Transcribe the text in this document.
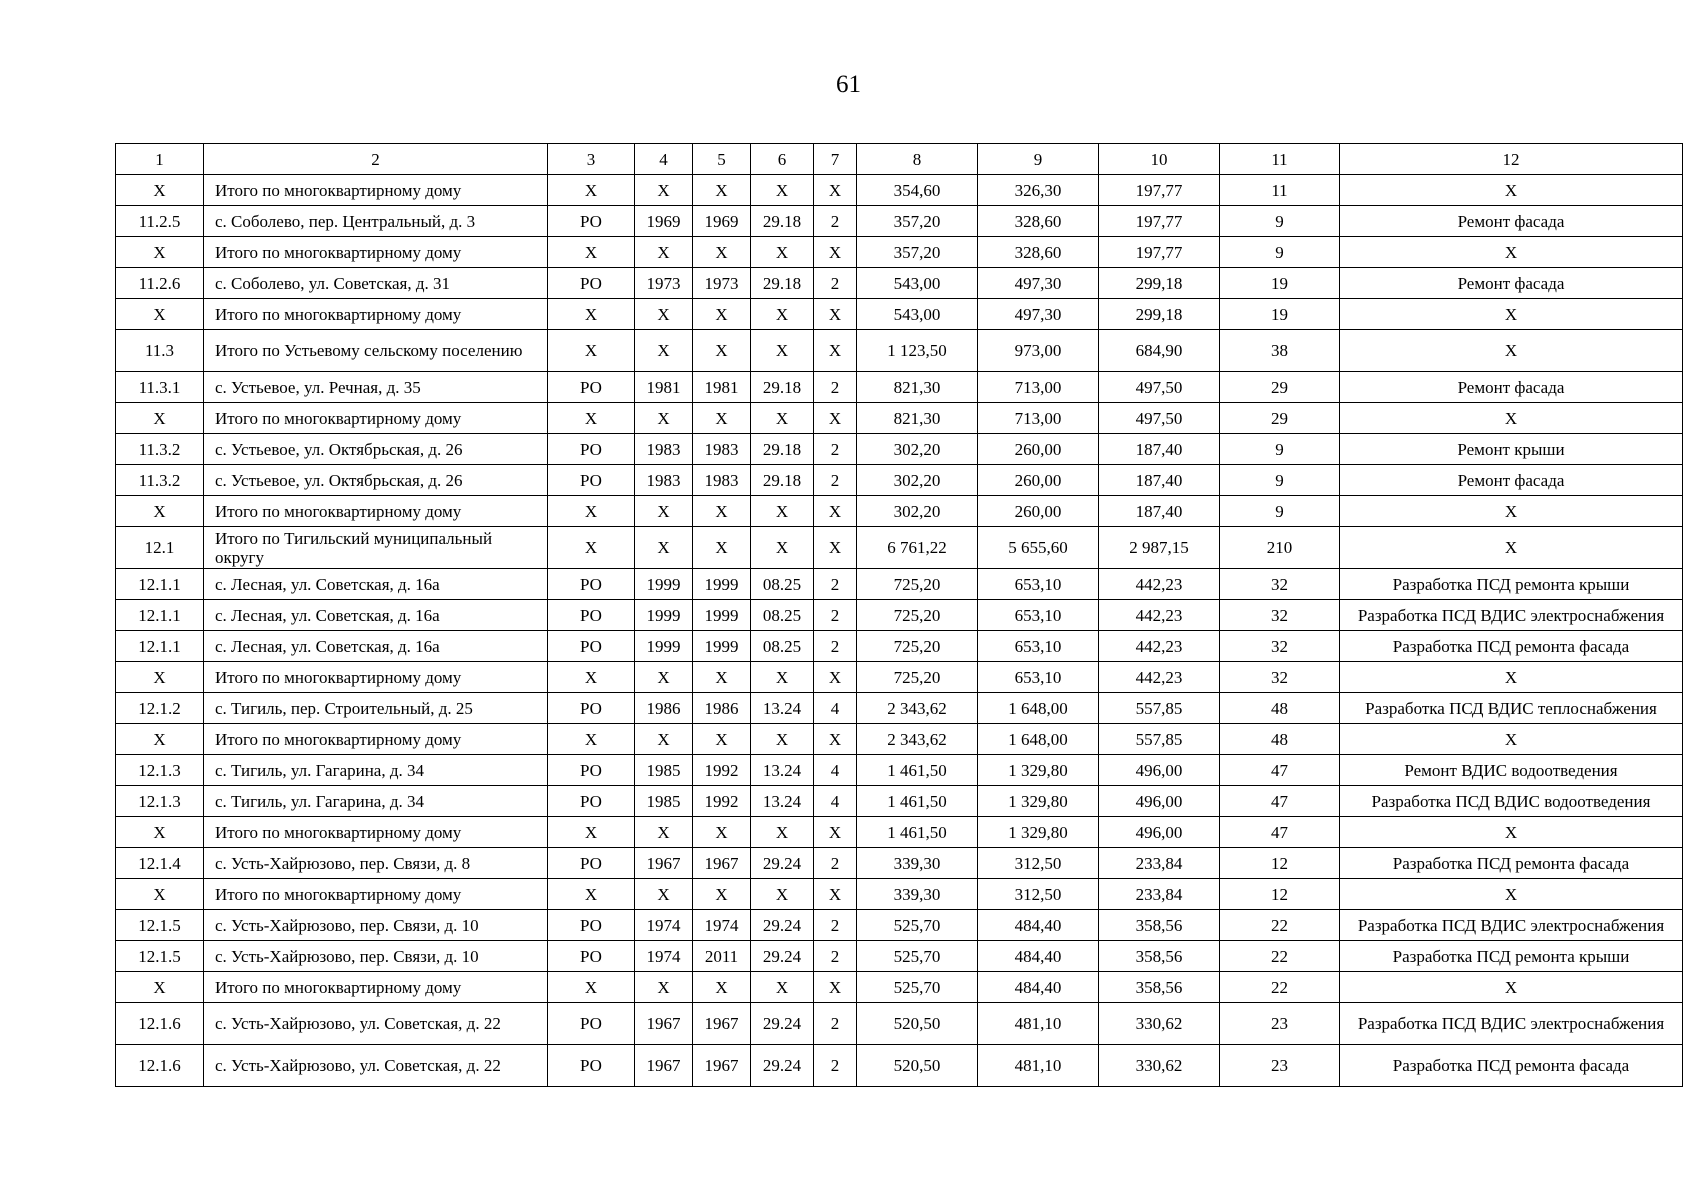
61
1	2	3	4	5	6	7	8	9	10	11	12
Х	Итого по многоквартирному дому	Х	Х	Х	Х	Х	354,60	326,30	197,77	11	Х
11.2.5	с. Соболево, пер. Центральный, д. 3	РО	1969	1969	29.18	2	357,20	328,60	197,77	9	Ремонт фасада
Х	Итого по многоквартирному дому	Х	Х	Х	Х	Х	357,20	328,60	197,77	9	Х
11.2.6	с. Соболево, ул. Советская, д. 31	РО	1973	1973	29.18	2	543,00	497,30	299,18	19	Ремонт фасада
Х	Итого по многоквартирному дому	Х	Х	Х	Х	Х	543,00	497,30	299,18	19	Х
11.3	Итого по Устьевому сельскому поселению	Х	Х	Х	Х	Х	1 123,50	973,00	684,90	38	Х
11.3.1	с. Устьевое, ул. Речная, д. 35	РО	1981	1981	29.18	2	821,30	713,00	497,50	29	Ремонт фасада
Х	Итого по многоквартирному дому	Х	Х	Х	Х	Х	821,30	713,00	497,50	29	Х
11.3.2	с. Устьевое, ул. Октябрьская, д. 26	РО	1983	1983	29.18	2	302,20	260,00	187,40	9	Ремонт крыши
11.3.2	с. Устьевое, ул. Октябрьская, д. 26	РО	1983	1983	29.18	2	302,20	260,00	187,40	9	Ремонт фасада
Х	Итого по многоквартирному дому	Х	Х	Х	Х	Х	302,20	260,00	187,40	9	Х
12.1	Итого по Тигильский муниципальный округу	Х	Х	Х	Х	Х	6 761,22	5 655,60	2 987,15	210	Х
12.1.1	с. Лесная, ул. Советская, д. 16а	РО	1999	1999	08.25	2	725,20	653,10	442,23	32	Разработка ПСД ремонта крыши
12.1.1	с. Лесная, ул. Советская, д. 16а	РО	1999	1999	08.25	2	725,20	653,10	442,23	32	Разработка ПСД ВДИС электроснабжения
12.1.1	с. Лесная, ул. Советская, д. 16а	РО	1999	1999	08.25	2	725,20	653,10	442,23	32	Разработка ПСД ремонта фасада
Х	Итого по многоквартирному дому	Х	Х	Х	Х	Х	725,20	653,10	442,23	32	Х
12.1.2	с. Тигиль, пер. Строительный, д. 25	РО	1986	1986	13.24	4	2 343,62	1 648,00	557,85	48	Разработка ПСД ВДИС теплоснабжения
Х	Итого по многоквартирному дому	Х	Х	Х	Х	Х	2 343,62	1 648,00	557,85	48	Х
12.1.3	с. Тигиль, ул. Гагарина, д. 34	РО	1985	1992	13.24	4	1 461,50	1 329,80	496,00	47	Ремонт ВДИС водоотведения
12.1.3	с. Тигиль, ул. Гагарина, д. 34	РО	1985	1992	13.24	4	1 461,50	1 329,80	496,00	47	Разработка ПСД ВДИС водоотведения
Х	Итого по многоквартирному дому	Х	Х	Х	Х	Х	1 461,50	1 329,80	496,00	47	Х
12.1.4	с. Усть-Хайрюзово, пер. Связи, д. 8	РО	1967	1967	29.24	2	339,30	312,50	233,84	12	Разработка ПСД ремонта фасада
Х	Итого по многоквартирному дому	Х	Х	Х	Х	Х	339,30	312,50	233,84	12	Х
12.1.5	с. Усть-Хайрюзово, пер. Связи, д. 10	РО	1974	1974	29.24	2	525,70	484,40	358,56	22	Разработка ПСД ВДИС электроснабжения
12.1.5	с. Усть-Хайрюзово, пер. Связи, д. 10	РО	1974	2011	29.24	2	525,70	484,40	358,56	22	Разработка ПСД ремонта крыши
Х	Итого по многоквартирному дому	Х	Х	Х	Х	Х	525,70	484,40	358,56	22	Х
12.1.6	с. Усть-Хайрюзово, ул. Советская, д. 22	РО	1967	1967	29.24	2	520,50	481,10	330,62	23	Разработка ПСД ВДИС электроснабжения
12.1.6	с. Усть-Хайрюзово, ул. Советская, д. 22	РО	1967	1967	29.24	2	520,50	481,10	330,62	23	Разработка ПСД ремонта фасада
